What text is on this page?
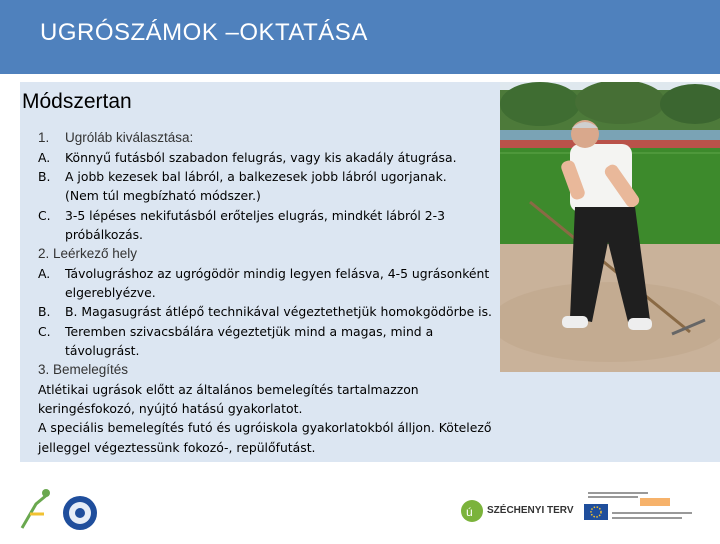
UGRÓSZÁMOK –OKTATÁSA
Módszertan
1. Ugróláb kiválasztása:
A. Könnyű futásból szabadon felugrás, vagy kis akadály átugrása.
B. A jobb kezesek bal lábról, a balkezesek jobb lábról ugorjanak.
(Nem túl megbízható módszer.)
C. 3-5 lépéses nekifutásból erőteljes elugrás, mindkét lábról 2-3
próbálkozás.
2. Leérkező hely
A. Távolugráshoz az ugrógödör mindig legyen felásva, 4-5 ugrásonként
elgereblyézve.
B. B. Magasugrást átlépő technikával végeztethetjük homokgödörbe is.
C. Teremben szivacsbálára végeztetjük mind a magas, mind a
távolugrást.
3. Bemelegítés
Atlétikai ugrások előtt az általános bemelegítés tartalmazzon
keringésfokozó, nyújtó hatású gyakorlatot.
A speciális bemelegítés futó és ugróiskola gyakorlatokból álljon. Kötelező
jelleggel végeztessünk fokozó-, repülőfutást.
ú SZÉCHENYI TERV
